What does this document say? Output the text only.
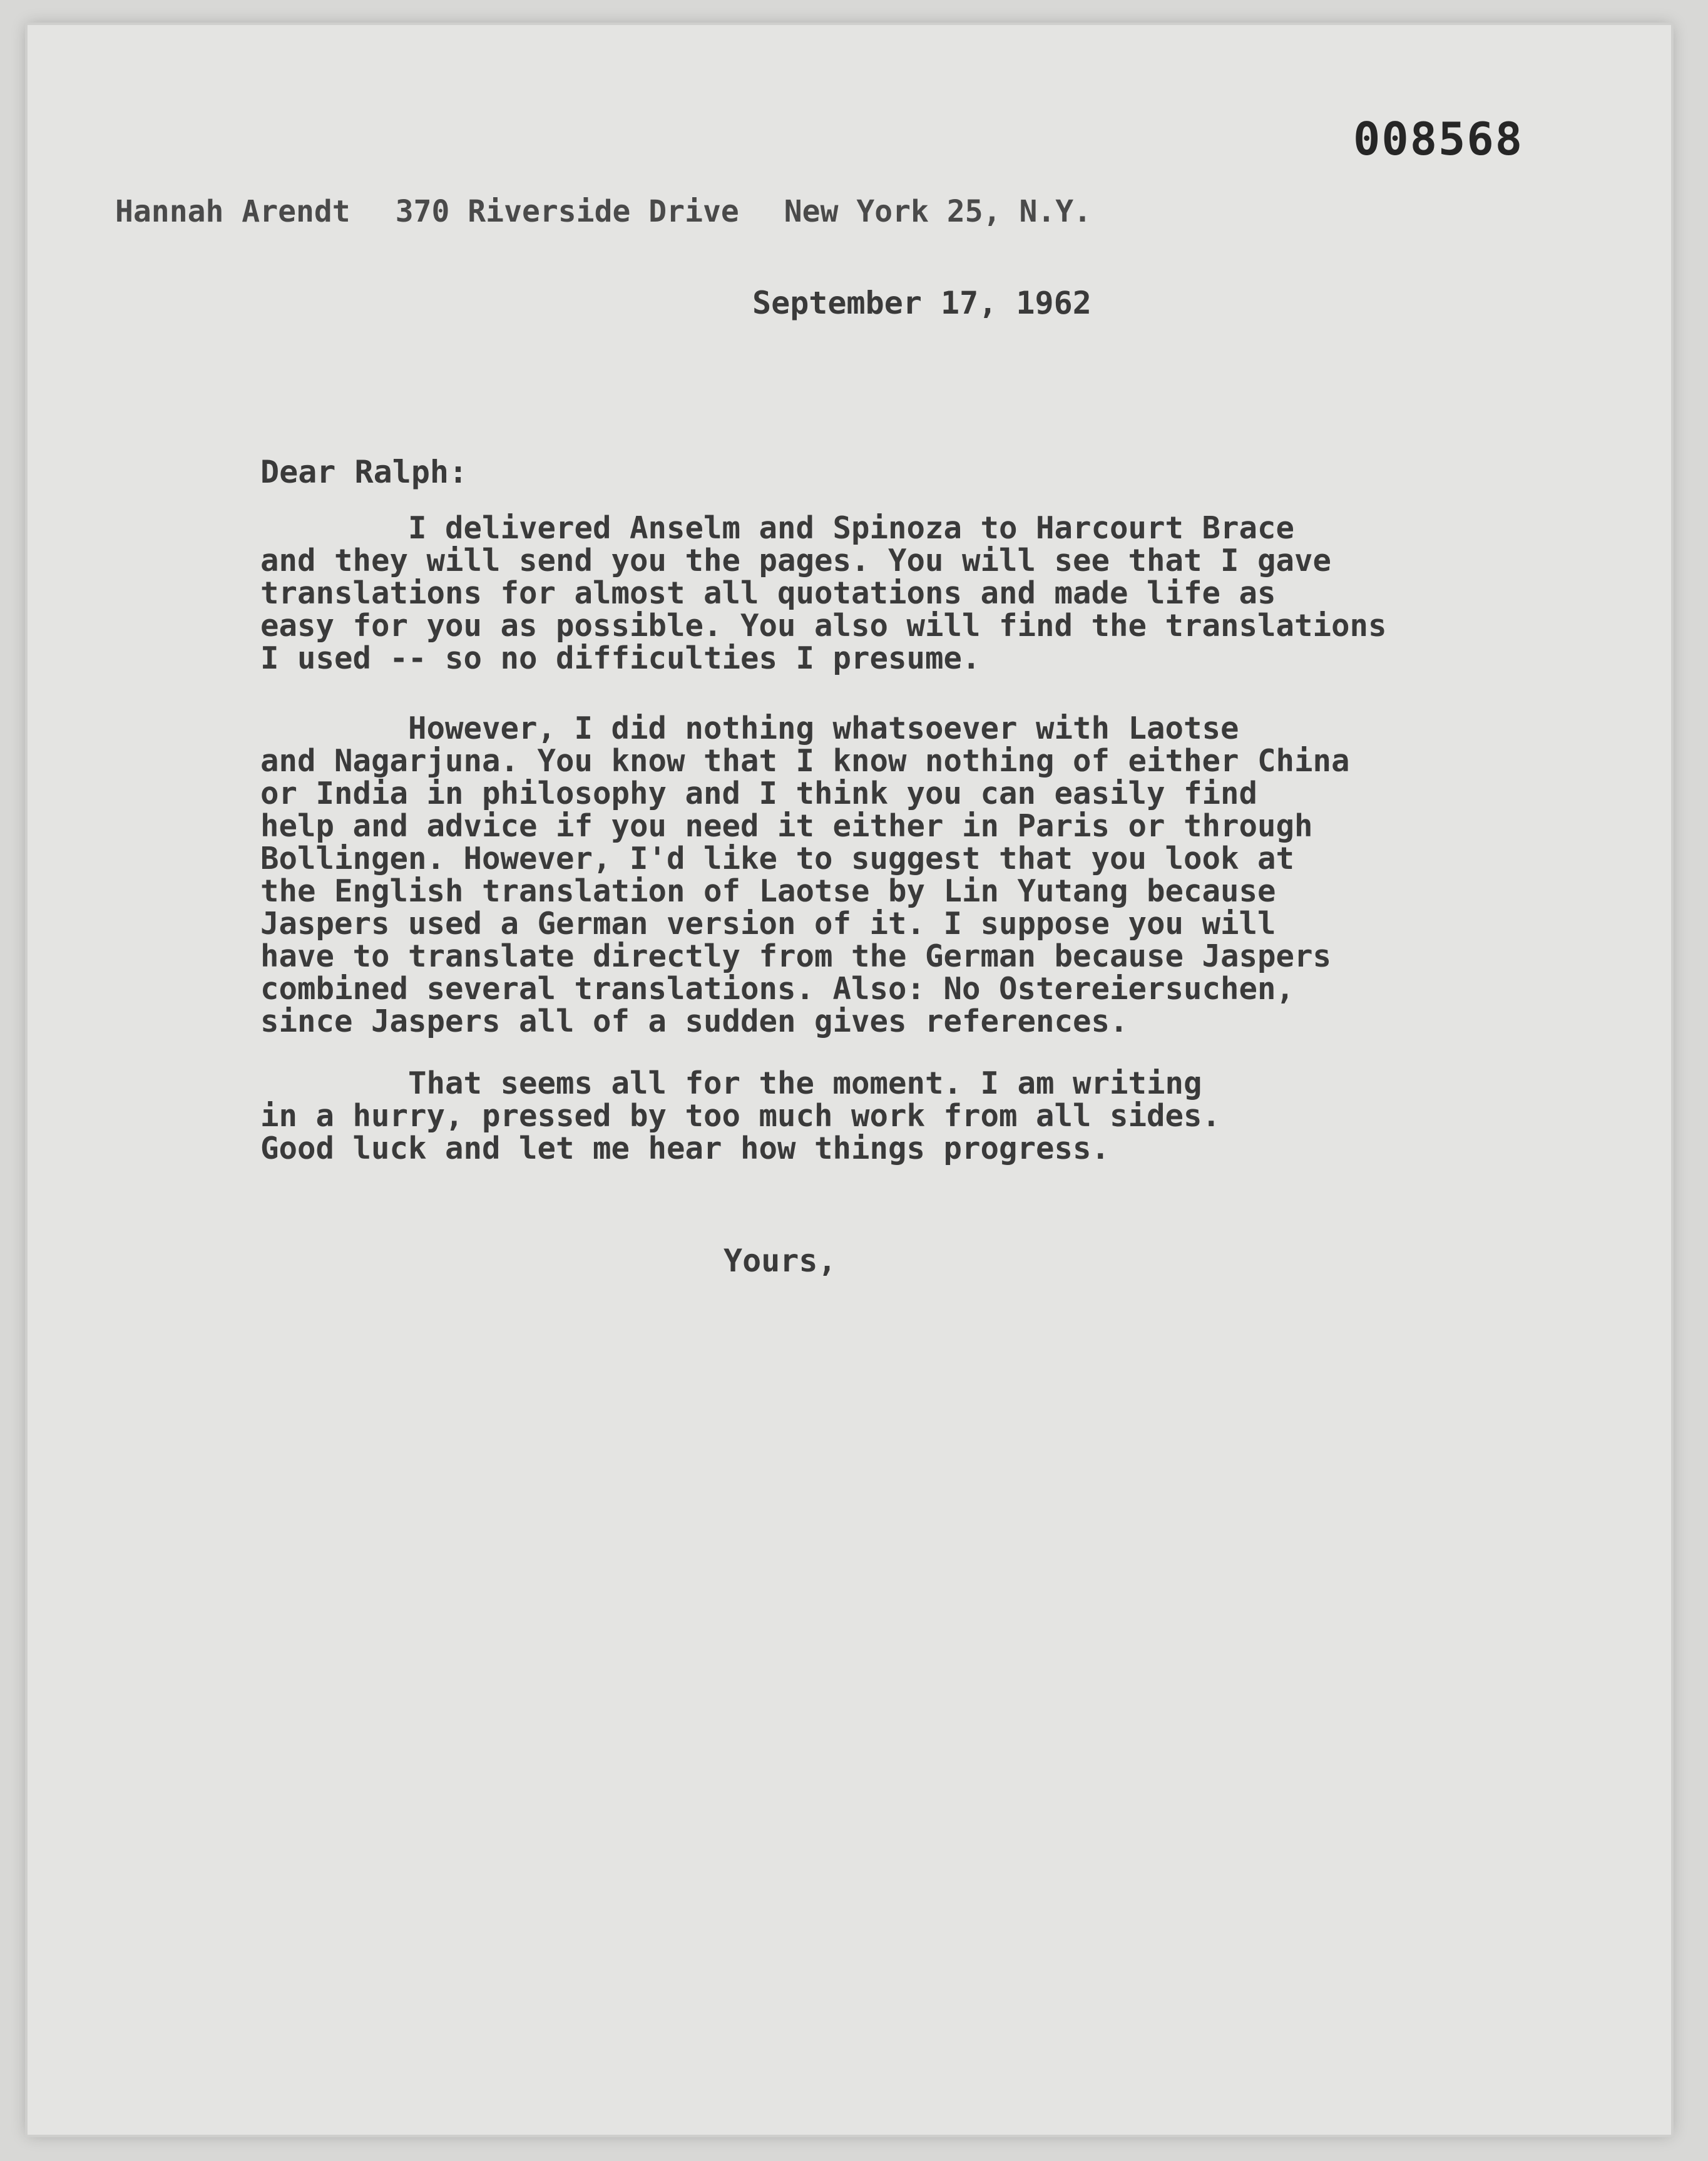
008568
Hannah Arendt 370 Riverside Drive New York 25, N.Y.
September 17, 1962
Dear Ralph:
I delivered Anselm and Spinoza to Harcourt Brace
and they will send you the pages. You will see that I gave
translations for almost all quotations and made life as
easy for you as possible. You also will find the translations
I used -- so no difficulties I presume.
However, I did nothing whatsoever with Laotse
and Nagarjuna. You know that I know nothing of either China
or India in philosophy and I think you can easily find
help and advice if you need it either in Paris or through
Bollingen. However, I'd like to suggest that you look at
the English translation of Laotse by Lin Yutang because
Jaspers used a German version of it. I suppose you will
have to translate directly from the German because Jaspers
combined several translations. Also: No Ostereiersuchen,
since Jaspers all of a sudden gives references.
That seems all for the moment. I am writing
in a hurry, pressed by too much work from all sides.
Good luck and let me hear how things progress.
Yours,
